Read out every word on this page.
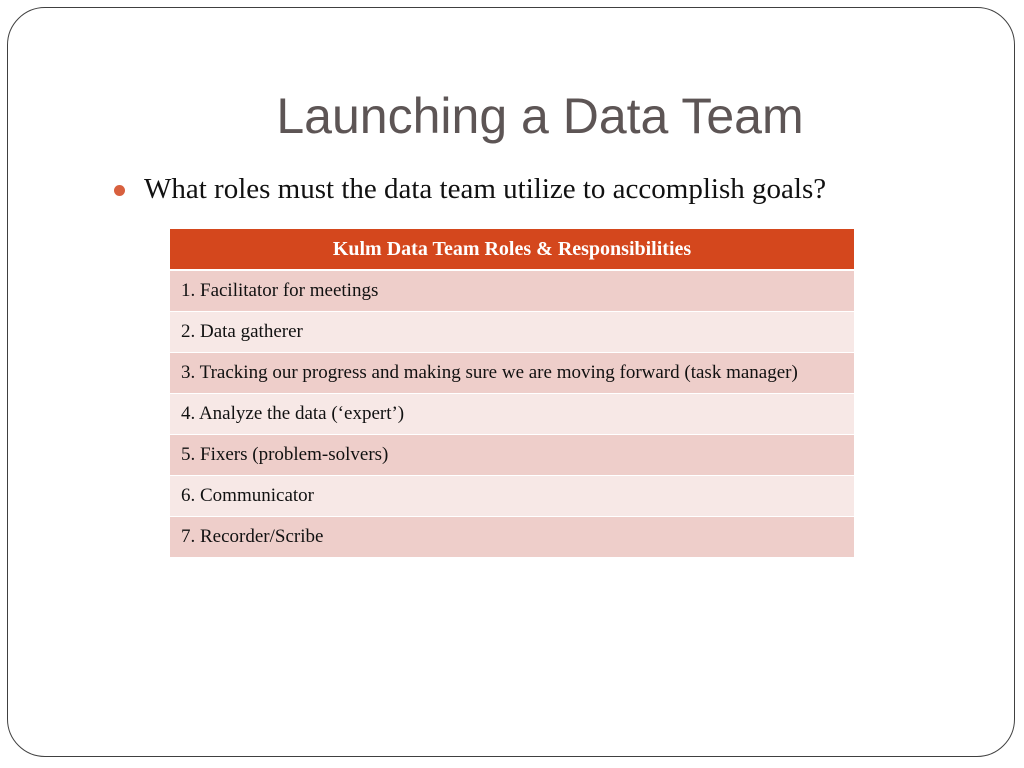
Launching a Data Team
What roles must the data team utilize to accomplish goals?
Kulm Data Team Roles & Responsibilities
1. Facilitator for meetings
2. Data gatherer
3. Tracking our progress and making sure we are moving forward (task manager)
4. Analyze the data (‘expert’)
5. Fixers (problem-solvers)
6. Communicator
7. Recorder/Scribe
